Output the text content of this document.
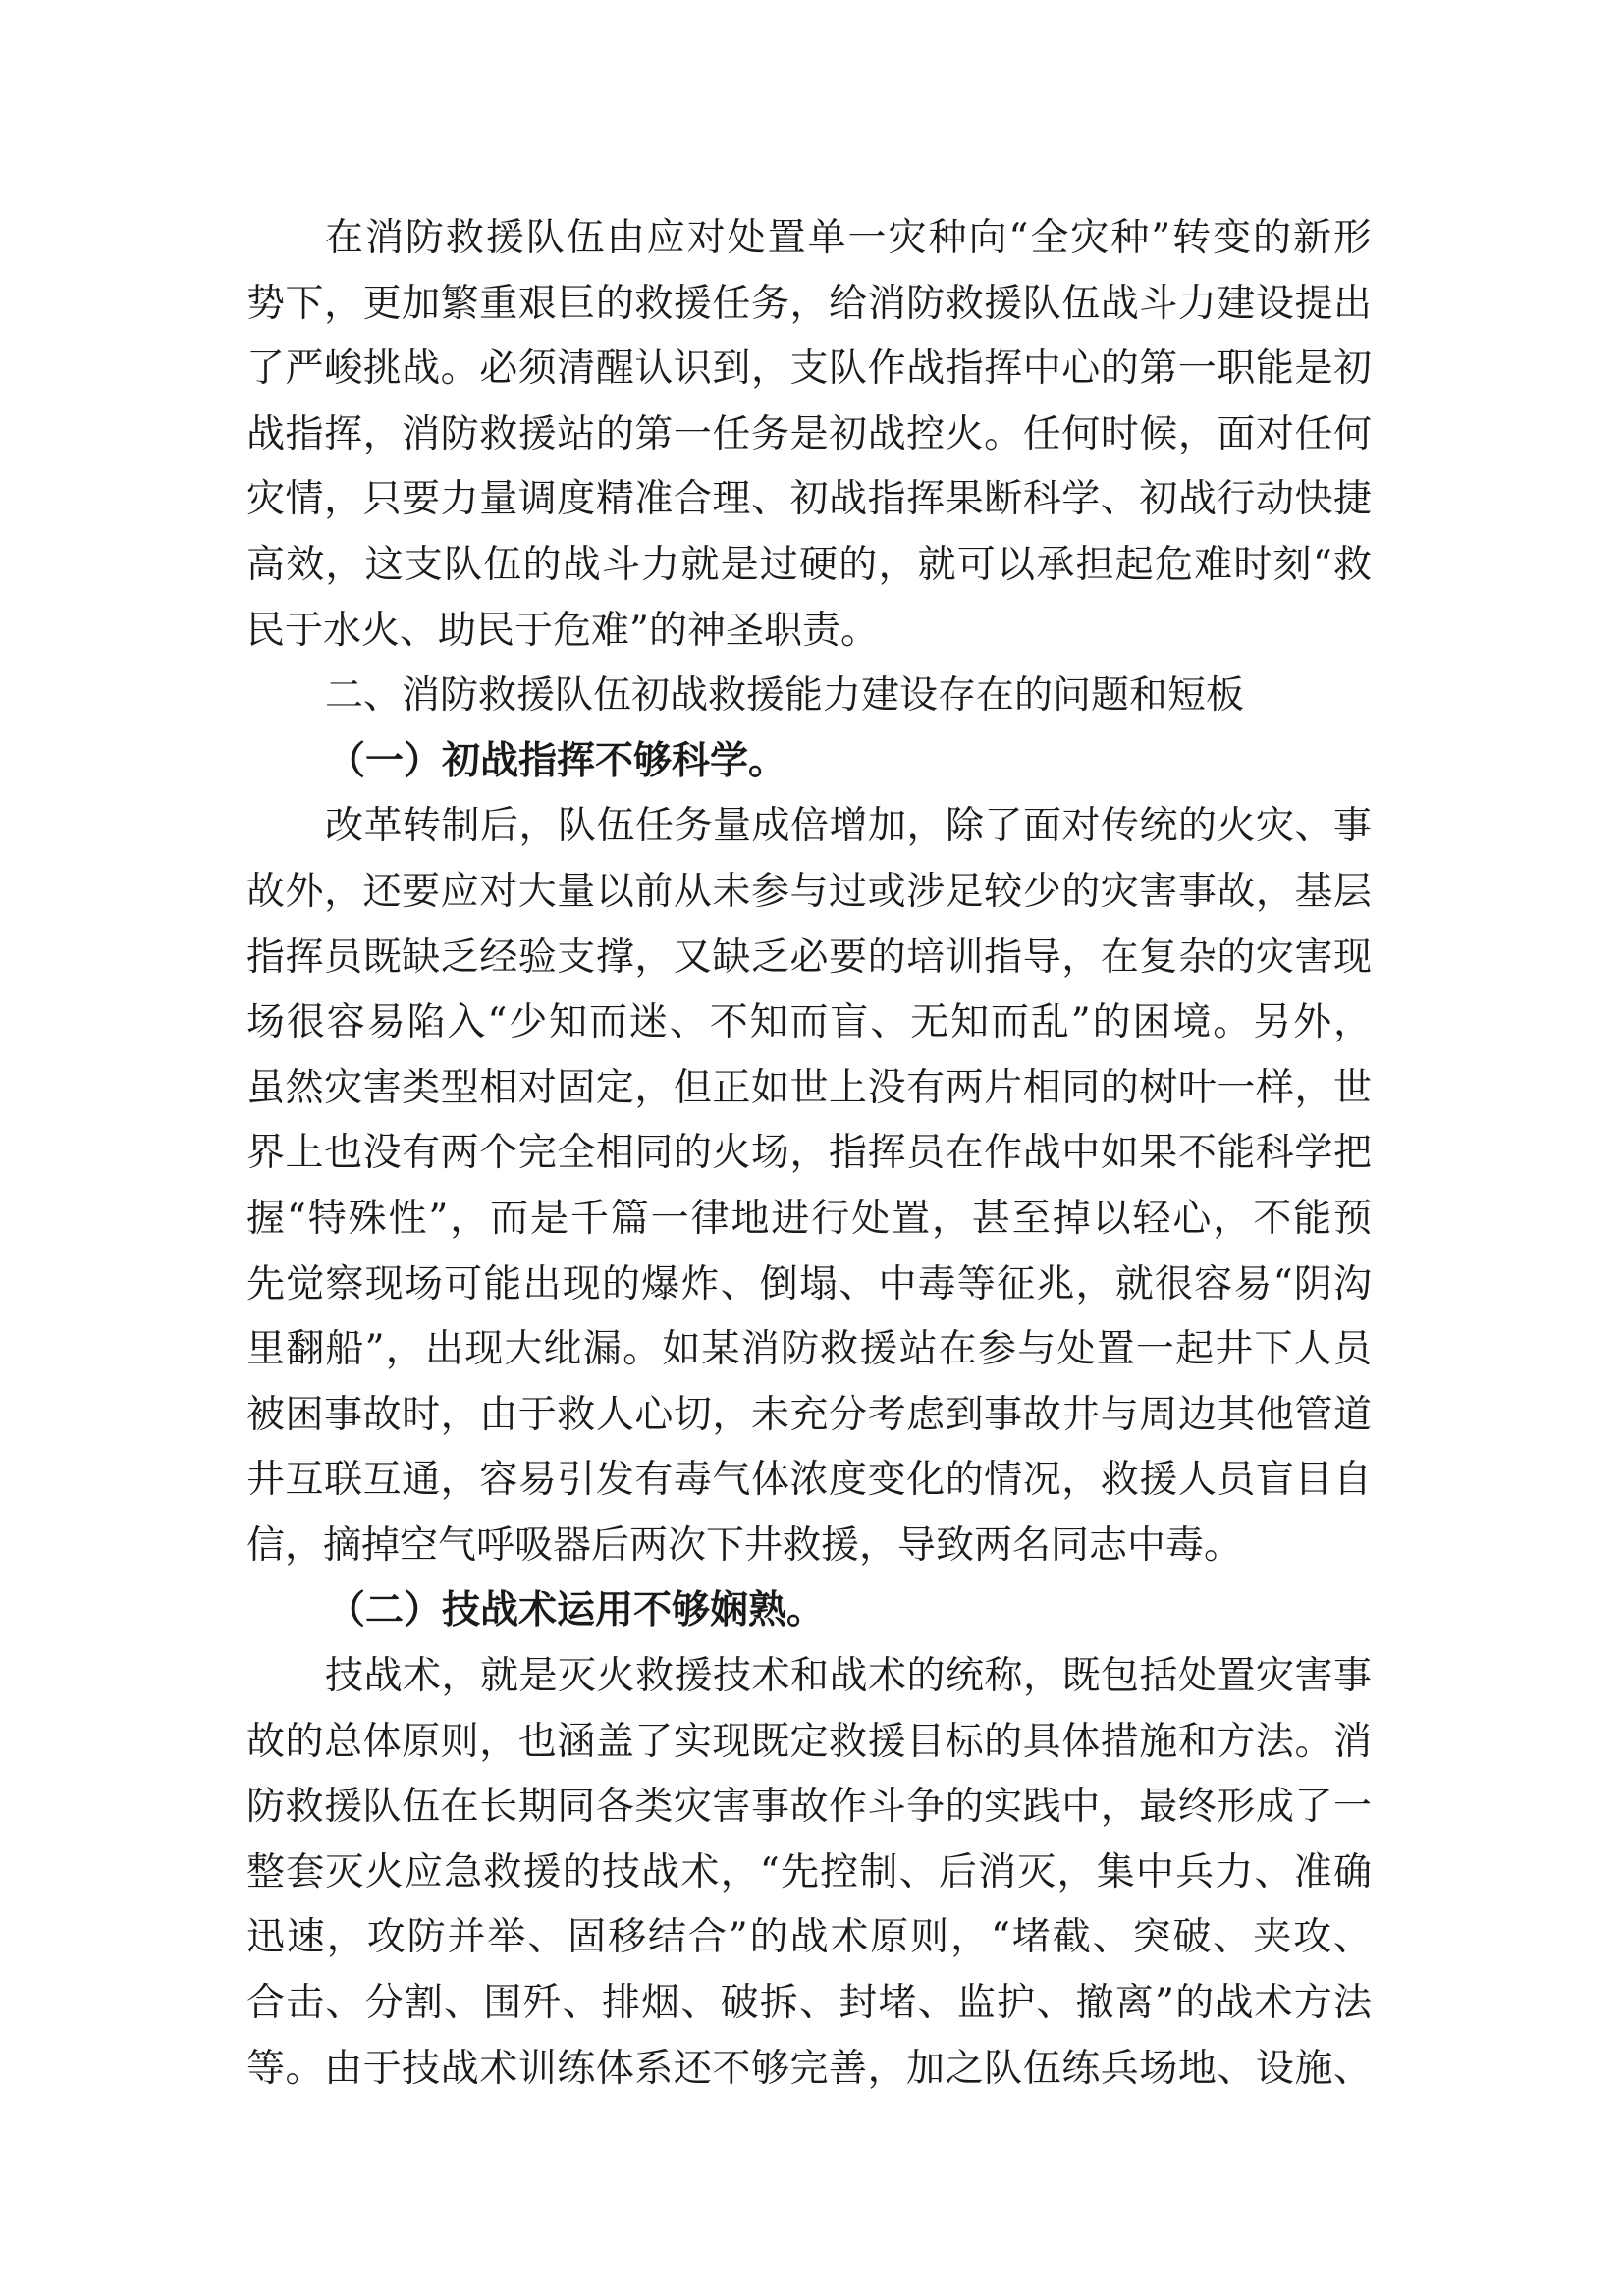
在消防救援队伍由应对处置单一灾种向“全灾种”转变的新形
势下，更加繁重艰巨的救援任务，给消防救援队伍战斗力建设提出
了严峻挑战。必须清醒认识到，支队作战指挥中心的第一职能是初
战指挥，消防救援站的第一任务是初战控火。任何时候，面对任何
灾情，只要力量调度精准合理、初战指挥果断科学、初战行动快捷
高效，这支队伍的战斗力就是过硬的，就可以承担起危难时刻“救
民于水火、助民于危难”的神圣职责。
二、消防救援队伍初战救援能力建设存在的问题和短板
（一）初战指挥不够科学。
改革转制后，队伍任务量成倍增加，除了面对传统的火灾、事
故外，还要应对大量以前从未参与过或涉足较少的灾害事故，基层
指挥员既缺乏经验支撑，又缺乏必要的培训指导，在复杂的灾害现
场很容易陷入“少知而迷、不知而盲、无知而乱”的困境。另外，
虽然灾害类型相对固定，但正如世上没有两片相同的树叶一样，世
界上也没有两个完全相同的火场，指挥员在作战中如果不能科学把
握“特殊性”，而是千篇一律地进行处置，甚至掉以轻心，不能预
先觉察现场可能出现的爆炸、倒塌、中毒等征兆，就很容易“阴沟
里翻船”，出现大纰漏。如某消防救援站在参与处置一起井下人员
被困事故时，由于救人心切，未充分考虑到事故井与周边其他管道
井互联互通，容易引发有毒气体浓度变化的情况，救援人员盲目自
信，摘掉空气呼吸器后两次下井救援，导致两名同志中毒。
（二）技战术运用不够娴熟。
技战术，就是灭火救援技术和战术的统称，既包括处置灾害事
故的总体原则，也涵盖了实现既定救援目标的具体措施和方法。消
防救援队伍在长期同各类灾害事故作斗争的实践中，最终形成了一
整套灭火应急救援的技战术，“先控制、后消灭，集中兵力、准确
迅速，攻防并举、固移结合”的战术原则，“堵截、突破、夹攻、
合击、分割、围歼、排烟、破拆、封堵、监护、撤离”的战术方法
等。由于技战术训练体系还不够完善，加之队伍练兵场地、设施、
